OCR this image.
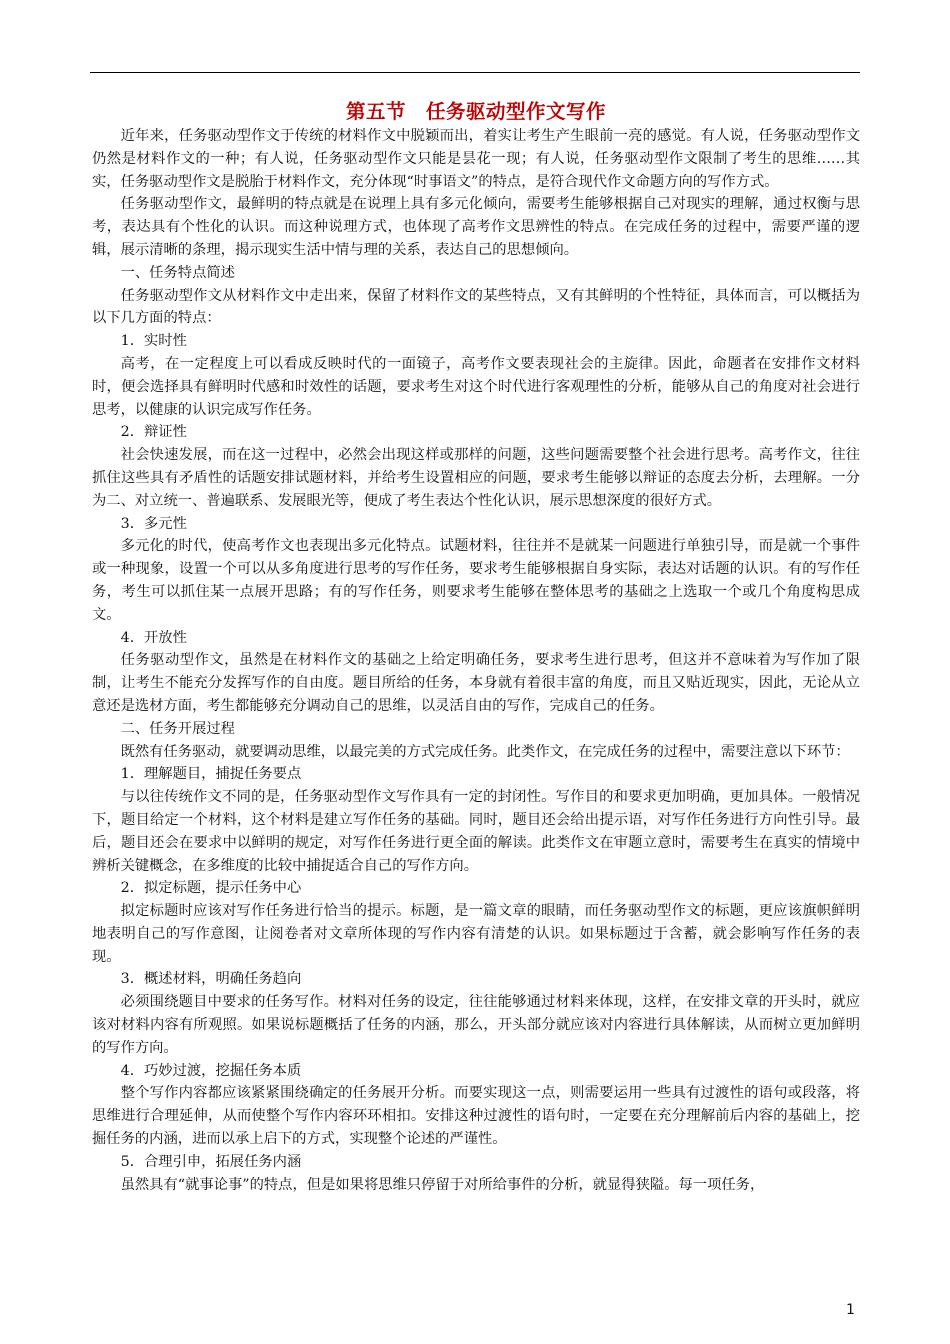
第五节　任务驱动型作文写作

近年来，任务驱动型作文于传统的材料作文中脱颖而出，着实让考生产生眼前一亮的感觉。有人说，任务驱动型作文仍然是材料作文的一种；有人说，任务驱动型作文只能是昙花一现；有人说，任务驱动型作文限制了考生的思维……其实，任务驱动型作文是脱胎于材料作文，充分体现“时事语文”的特点，是符合现代作文命题方向的写作方式。

任务驱动型作文，最鲜明的特点就是在说理上具有多元化倾向，需要考生能够根据自己对现实的理解，通过权衡与思考，表达具有个性化的认识。而这种说理方式，也体现了高考作文思辨性的特点。在完成任务的过程中，需要严谨的逻辑，展示清晰的条理，揭示现实生活中情与理的关系，表达自己的思想倾向。

一、任务特点简述

任务驱动型作文从材料作文中走出来，保留了材料作文的某些特点，又有其鲜明的个性特征，具体而言，可以概括为以下几方面的特点：

1．实时性

高考，在一定程度上可以看成反映时代的一面镜子，高考作文要表现社会的主旋律。因此，命题者在安排作文材料时，便会选择具有鲜明时代感和时效性的话题，要求考生对这个时代进行客观理性的分析，能够从自己的角度对社会进行思考，以健康的认识完成写作任务。

2．辩证性

社会快速发展，而在这一过程中，必然会出现这样或那样的问题，这些问题需要整个社会进行思考。高考作文，往往抓住这些具有矛盾性的话题安排试题材料，并给考生设置相应的问题，要求考生能够以辩证的态度去分析，去理解。一分为二、对立统一、普遍联系、发展眼光等，便成了考生表达个性化认识，展示思想深度的很好方式。

3．多元性

多元化的时代，使高考作文也表现出多元化特点。试题材料，往往并不是就某一问题进行单独引导，而是就一个事件或一种现象，设置一个可以从多角度进行思考的写作任务，要求考生能够根据自身实际，表达对话题的认识。有的写作任务，考生可以抓住某一点展开思路；有的写作任务，则要求考生能够在整体思考的基础之上选取一个或几个角度构思成文。

4．开放性

任务驱动型作文，虽然是在材料作文的基础之上给定明确任务，要求考生进行思考，但这并不意味着为写作加了限制，让考生不能充分发挥写作的自由度。题目所给的任务，本身就有着很丰富的角度，而且又贴近现实，因此，无论从立意还是选材方面，考生都能够充分调动自己的思维，以灵活自由的写作，完成自己的任务。

二、任务开展过程

既然有任务驱动，就要调动思维，以最完美的方式完成任务。此类作文，在完成任务的过程中，需要注意以下环节：

1．理解题目，捕捉任务要点

与以往传统作文不同的是，任务驱动型作文写作具有一定的封闭性。写作目的和要求更加明确，更加具体。一般情况下，题目给定一个材料，这个材料是建立写作任务的基础。同时，题目还会给出提示语，对写作任务进行方向性引导。最后，题目还会在要求中以鲜明的规定，对写作任务进行更全面的解读。此类作文在审题立意时，需要考生在真实的情境中辨析关键概念，在多维度的比较中捕捉适合自己的写作方向。

2．拟定标题，提示任务中心

拟定标题时应该对写作任务进行恰当的提示。标题，是一篇文章的眼睛，而任务驱动型作文的标题，更应该旗帜鲜明地表明自己的写作意图，让阅卷者对文章所体现的写作内容有清楚的认识。如果标题过于含蓄，就会影响写作任务的表现。

3．概述材料，明确任务趋向

必须围绕题目中要求的任务写作。材料对任务的设定，往往能够通过材料来体现，这样，在安排文章的开头时，就应该对材料内容有所观照。如果说标题概括了任务的内涵，那么，开头部分就应该对内容进行具体解读，从而树立更加鲜明的写作方向。

4．巧妙过渡，挖掘任务本质

整个写作内容都应该紧紧围绕确定的任务展开分析。而要实现这一点，则需要运用一些具有过渡性的语句或段落，将思维进行合理延伸，从而使整个写作内容环环相扣。安排这种过渡性的语句时，一定要在充分理解前后内容的基础上，挖掘任务的内涵，进而以承上启下的方式，实现整个论述的严谨性。

5．合理引申，拓展任务内涵

虽然具有“就事论事”的特点，但是如果将思维只停留于对所给事件的分析，就显得狭隘。每一项任务，

1
